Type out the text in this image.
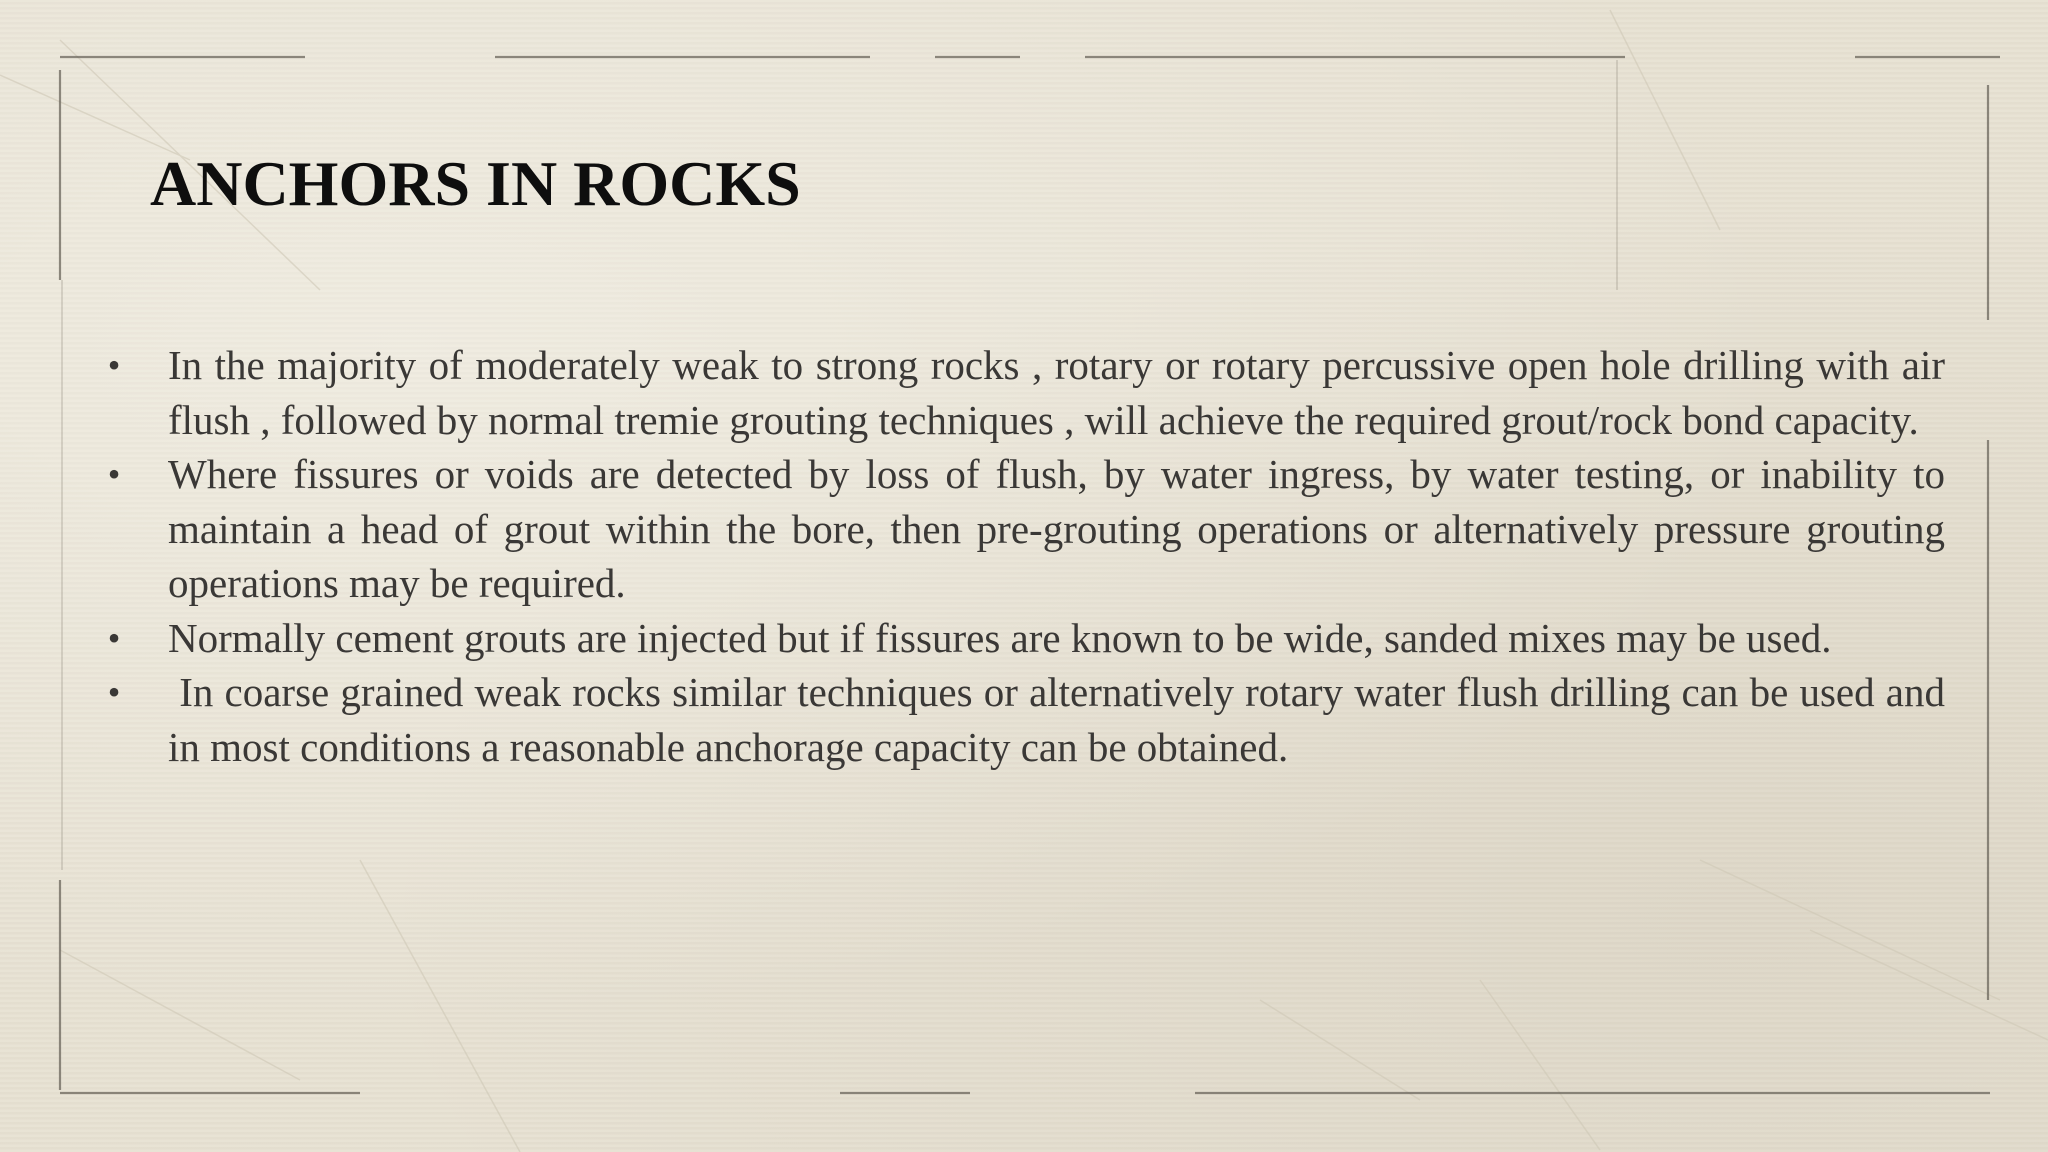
ANCHORS IN ROCKS
• In the majority of moderately weak to strong rocks , rotary or rotary percussive open hole drilling with air flush , followed by normal tremie grouting techniques , will achieve the required grout/rock bond capacity.
• Where fissures or voids are detected by loss of flush, by water ingress, by water testing, or inability to maintain a head of grout within the bore, then pre-grouting operations or alternatively pressure grouting operations may be required.
• Normally cement grouts are injected but if fissures are known to be wide, sanded mixes may be used.
• In coarse grained weak rocks similar techniques or alternatively rotary water flush drilling can be used and in most conditions a reasonable anchorage capacity can be obtained.
